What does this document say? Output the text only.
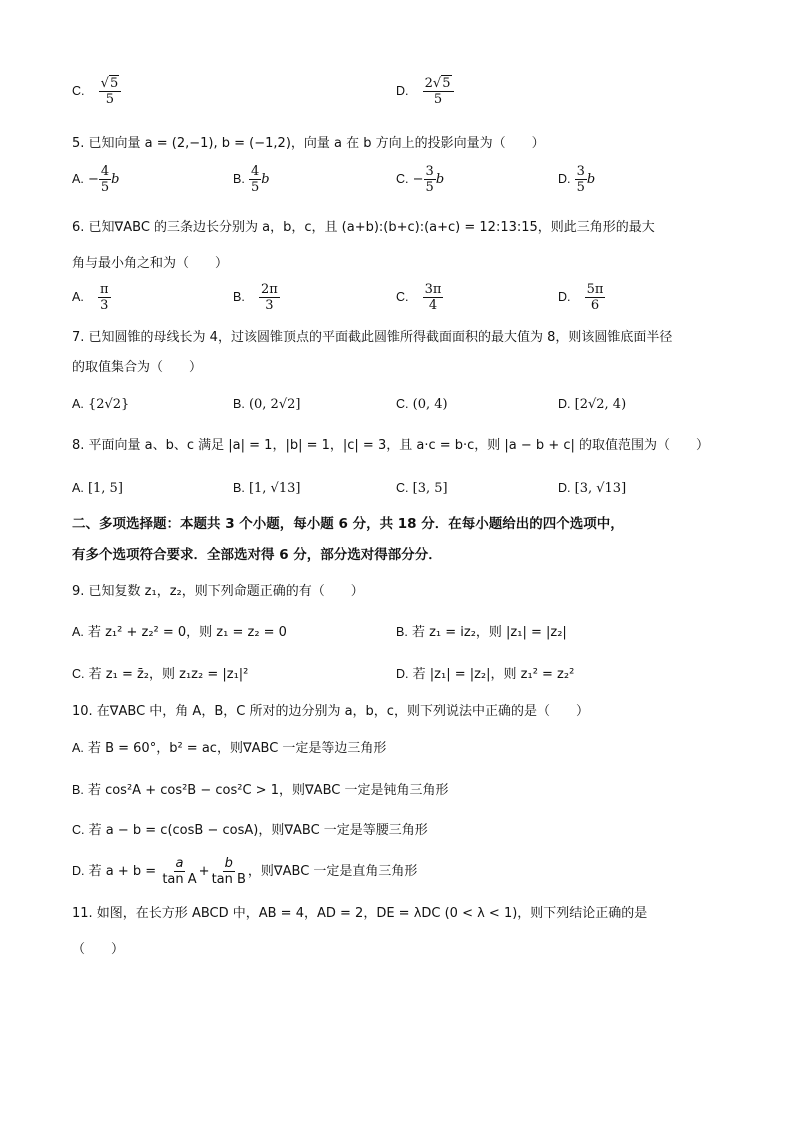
C. $\frac{√5}{5}$	D. $\frac{2√5}{5}$
5. 已知向量 a = (2,−1), b = (−1,2)，向量 a 在 b 方向上的投影向量为（　　）
A. − $\frac{4}{5}$ b	B. $\frac{4}{5}$ b	C. − $\frac{3}{5}$ b	D. $\frac{3}{5}$ b
6. 已知∇ABC 的三条边长分别为 a，b，c，且 (a+b):(b+c):(a+c) = 12:13:15，则此三角形的最大
角与最小角之和为（　　）
A. $\frac{\pi}{3}$	B. $\frac{2\pi}{3}$	C. $\frac{3\pi}{4}$	D. $\frac{5\pi}{6}$
7. 已知圆锥的母线长为 4，过该圆锥顶点的平面截此圆锥所得截面面积的最大值为 8，则该圆锥底面半径
的取值集合为（　　）
A. {2√2}	B. (0, 2√2]	C. (0, 4)	D. [2√2, 4)
8. 平面向量 a、b、c 满足 |a| = 1，|b| = 1，|c| = 3，且 a·c = b·c，则 |a − b + c| 的取值范围为（　　）
A. [1, 5]	B. [1, √13]	C. [3, 5]	D. [3, √13]
二、多项选择题：本题共 3 个小题，每小题 6 分，共 18 分．在每小题给出的四个选项中，
有多个选项符合要求．全部选对得 6 分，部分选对得部分分．
9. 已知复数 z₁，z₂，则下列命题正确的有（　　）
A. 若 z₁² + z₂² = 0，则 z₁ = z₂ = 0	B. 若 z₁ = iz₂，则 |z₁| = |z₂|
C. 若 z₁ = z̄₂，则 z₁z₂ = |z₁|²	D. 若 |z₁| = |z₂|，则 z₁² = z₂²
10. 在∇ABC 中，角 A，B，C 所对的边分别为 a，b，c，则下列说法中正确的是（　　）
A. 若 B = 60°，b² = ac，则∇ABC 一定是等边三角形
B. 若 cos²A + cos²B − cos²C > 1，则∇ABC 一定是钝角三角形
C. 若 a − b = c(cosB − cosA)，则∇ABC 一定是等腰三角形
D. 若 $a + b = \frac{a}{\text{tan A}} + \frac{b}{\text{tan B}}$ ，则∇ABC 一定是直角三角形
11. 如图，在长方形 ABCD 中，AB = 4，AD = 2，DE = λDC (0 < λ < 1)，则下列结论正确的是
（　　）
